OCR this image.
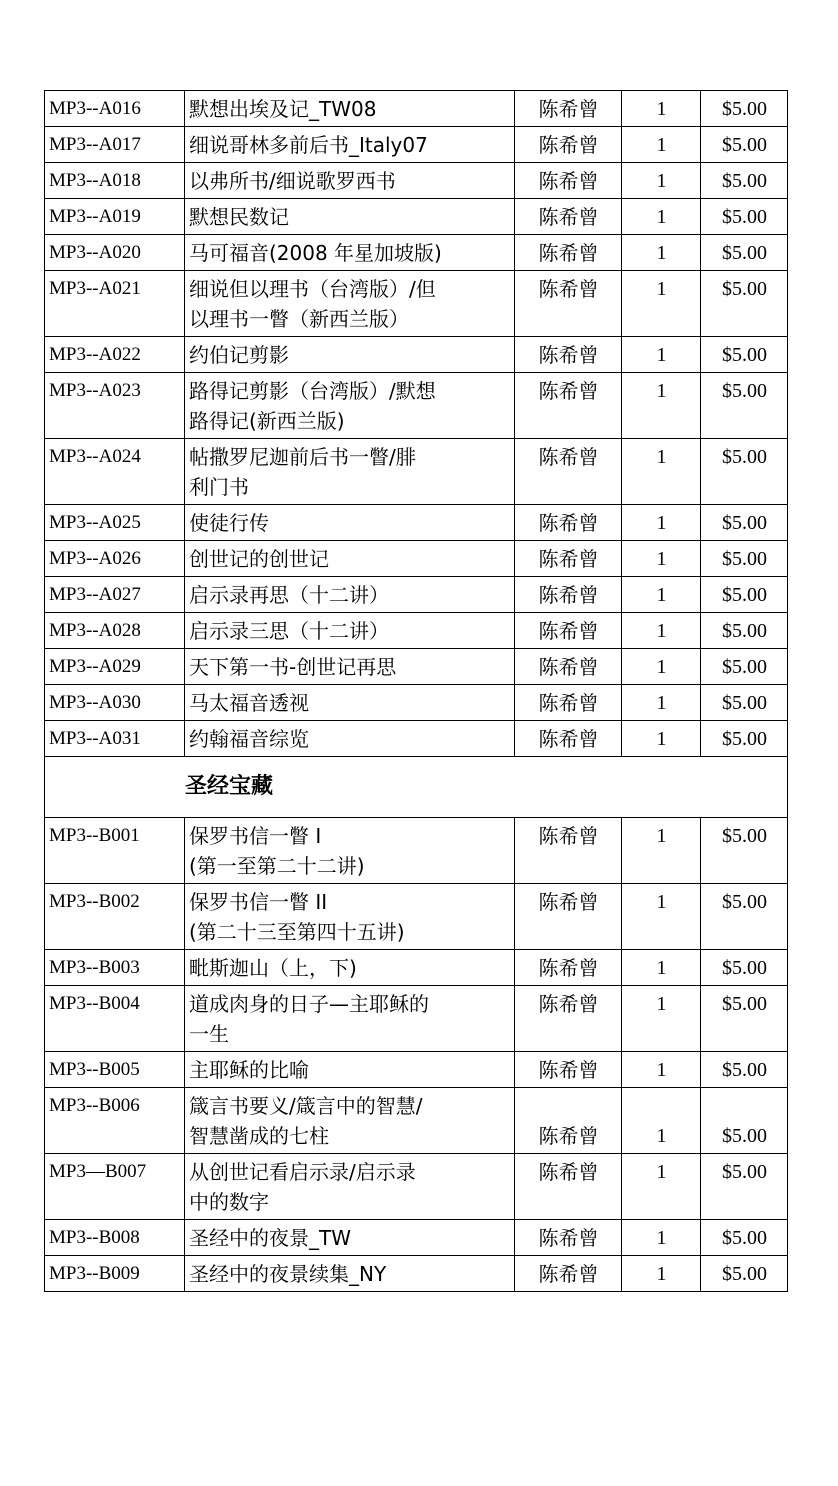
MP3--A016	默想出埃及记_TW08	陈希曾	1	$5.00
MP3--A017	细说哥林多前后书_Italy07	陈希曾	1	$5.00
MP3--A018	以弗所书/细说歌罗西书	陈希曾	1	$5.00
MP3--A019	默想民数记	陈希曾	1	$5.00
MP3--A020	马可福音(2008 年星加坡版)	陈希曾	1	$5.00
MP3--A021	细说但以理书（台湾版）/但
以理书一瞥（新西兰版）	陈希曾	1	$5.00
MP3--A022	约伯记剪影	陈希曾	1	$5.00
MP3--A023	路得记剪影（台湾版）/默想
路得记(新西兰版)	陈希曾	1	$5.00
MP3--A024	帖撒罗尼迦前后书一瞥/腓
利门书	陈希曾	1	$5.00
MP3--A025	使徒行传	陈希曾	1	$5.00
MP3--A026	创世记的创世记	陈希曾	1	$5.00
MP3--A027	启示录再思（十二讲）	陈希曾	1	$5.00
MP3--A028	启示录三思（十二讲）	陈希曾	1	$5.00
MP3--A029	天下第一书-创世记再思	陈希曾	1	$5.00
MP3--A030	马太福音透视	陈希曾	1	$5.00
MP3--A031	约翰福音综览	陈希曾	1	$5.00
圣经宝藏				
MP3--B001	保罗书信一瞥 I
(第一至第二十二讲)	陈希曾	1	$5.00
MP3--B002	保罗书信一瞥 II
(第二十三至第四十五讲)	陈希曾	1	$5.00
MP3--B003	毗斯迦山（上，下)	陈希曾	1	$5.00
MP3--B004	道成肉身的日子—主耶稣的
一生	陈希曾	1	$5.00
MP3--B005	主耶稣的比喻	陈希曾	1	$5.00
MP3--B006	箴言书要义/箴言中的智慧/
智慧凿成的七柱	陈希曾	1	$5.00
MP3—B007	从创世记看启示录/启示录
中的数字	陈希曾	1	$5.00
MP3--B008	圣经中的夜景_TW	陈希曾	1	$5.00
MP3--B009	圣经中的夜景续集_NY	陈希曾	1	$5.00
